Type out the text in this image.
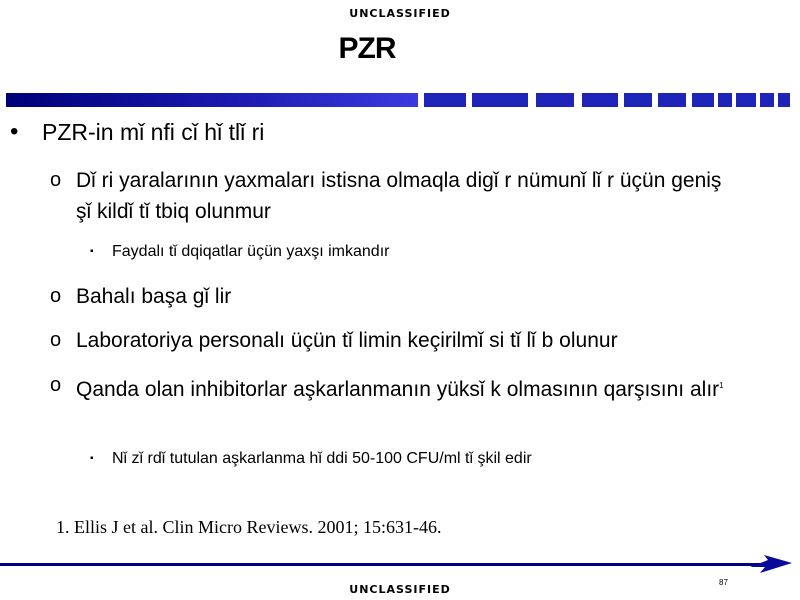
UNCLASSIFIED
PZR
• PZR-in mǐ nfi cǐ hǐ tlǐ ri
o Dǐ ri yaralarının yaxmaları istisna olmaqla digǐ r nümunǐ lǐ r üçün geniş şǐ kildǐ tǐ tbiq olunmur
▪ Faydalı tǐ dqiqatlar üçün yaxşı imkandır
o Bahalı başa gǐ lir
o Laboratoriya personalı üçün tǐ limin keçirilmǐ si tǐ lǐ b olunur
o Qanda olan inhibitorlar aşkarlanmanın yüksǐ k olmasının qarşısını alır$^1$
▪ Nǐ zǐ rdǐ tutulan aşkarlanma hǐ ddi 50-100 CFU/ml tǐ şkil edir
1. Ellis J et al. Clin Micro Reviews. 2001; 15:631-46.
87
UNCLASSIFIED
